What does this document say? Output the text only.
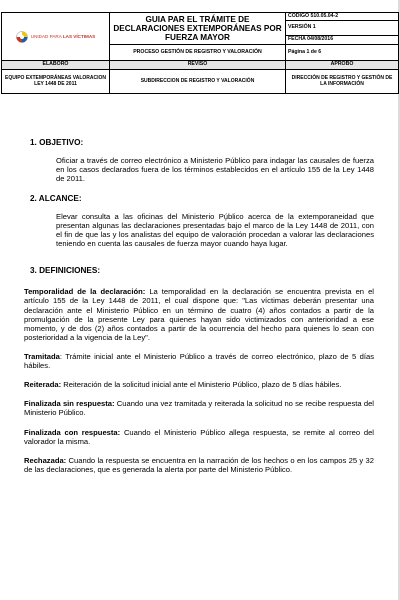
UNIDAD PARA LAS VÍCTIMAS	GUIA PAR EL TRÁMITE DE DECLARACIONES EXTEMPORÁNEAS POR FUERZA MAYOR	CÓDIGO 510.05.04-2
		VERSIÓN 1
		FECHA 04/08/2016
	PROCESO GESTIÓN DE REGISTRO Y VALORACIÓN	Página 1 de 6
ELABORÓ	REVISÓ	APROBÓ
EQUIPO EXTEMPORÁNEAS VALORACION LEY 1448 DE 2011	SUBDIRECCION DE REGISTRO Y VALORACIÓN	DIRECCIÓN DE REGISTRO Y GESTIÓN DE LA INFORMACIÓN
1. OBJETIVO:

Oficiar a través de correo electrónico a Ministerio Público para indagar las causales de fuerza en los casos declarados fuera de los términos establecidos en el artículo 155 de la Ley 1448 de 2011.

2. ALCANCE:

Elevar consulta a las oficinas del Ministerio Pú̧blico acerca de la extemporaneidad que presentan algunas las declaraciones presentadas bajo el marco de la Ley 1448 de 2011, con el fin de que las y los analistas del equipo de valoración procedan a valorar las declaraciones teniendo en cuenta las causales de fuerza mayor cuando haya lugar.

3. DEFINICIONES:

Temporalidad de la declaración: La temporalidad en la declaración se encuentra prevista en el artículo 155 de la Ley 1448 de 2011, el cual dispone que: "Las víctimas deberán presentar una declaración ante el Ministerio Público en un término de cuatro (4) años contados a partir de la promulgación de la presente Ley para quienes hayan sido victimizados con anterioridad a ese momento, y de dos (2) años contados a partir de la ocurrencia del hecho para quienes lo sean con posterioridad a la vigencia de la Ley".

Tramitada: Trámite inicial ante el Ministerio Público a través de correo electrónico, plazo de 5 días hábiles.

Reiterada: Reiteración de la solicitud inicial ante el Ministerio Público, plazo de 5 días hábiles.

Finalizada sin respuesta: Cuando una vez tramitada y reiterada la solicitud no se recibe respuesta del Ministerio Público.

Finalizada con respuesta: Cuando el Ministerio Público allega respuesta, se remite al correo del valorador la misma.

Rechazada: Cuando la respuesta se encuentra en la narración de los hechos o en los campos 25 y 32 de las declaraciones, que es generada la alerta por parte del Ministerio Público.
